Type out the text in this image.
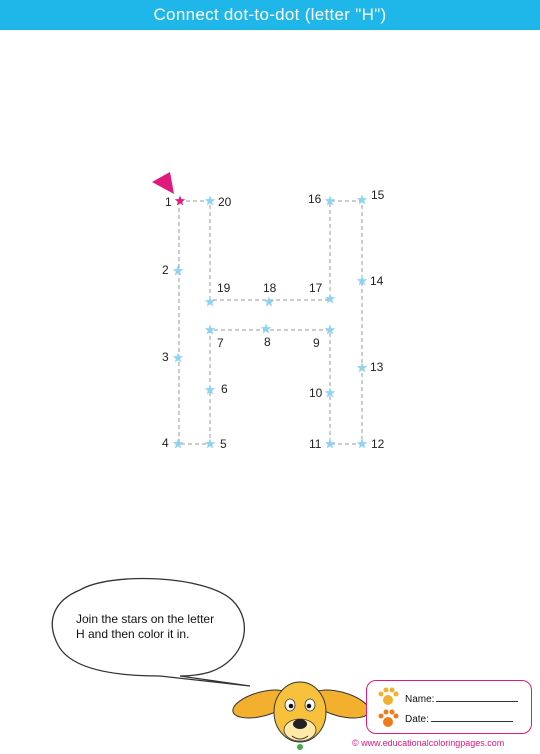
Connect dot-to-dot (letter "H")
1
2
3
4	5
6
7	8	9
10
11	12
13
14
15
16
17
18
19
20
Join the stars on the letter H and then color it in.
Name:
Date:
© www.educationalcoloringpages.com
